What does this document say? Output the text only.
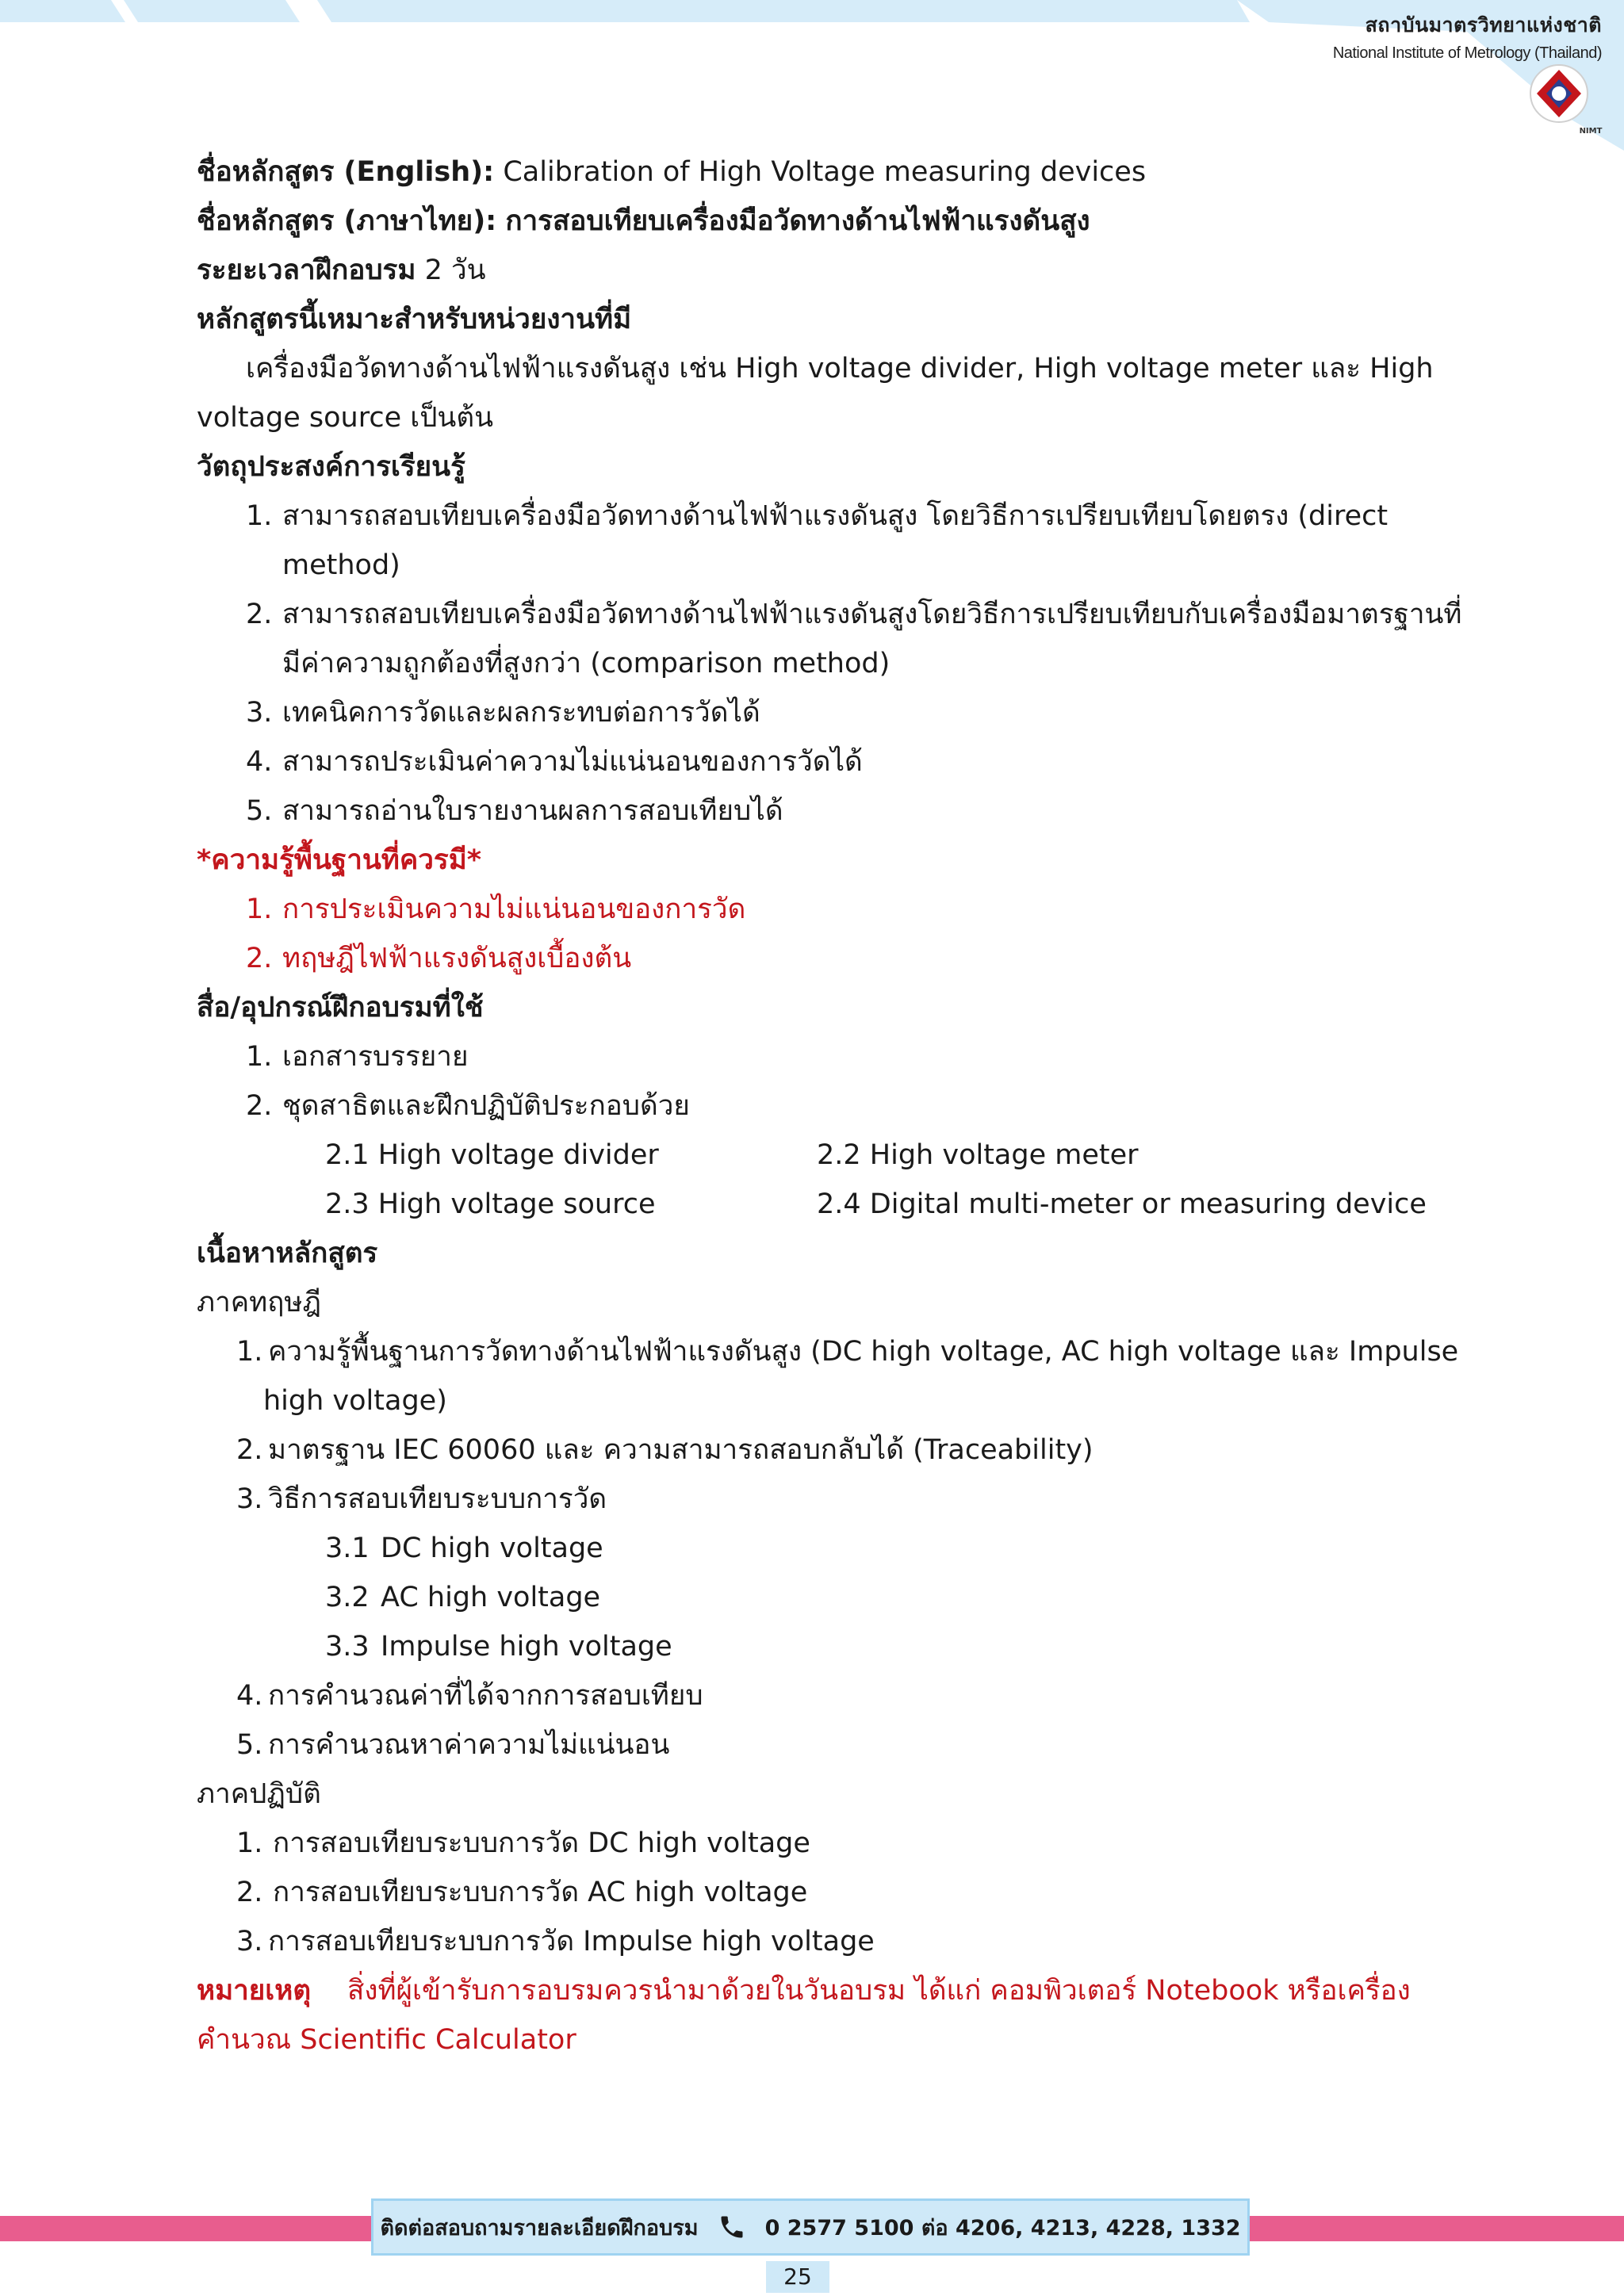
สถาบันมาตรวิทยาแห่งชาติ
National Institute of Metrology (Thailand)
NIMT
ชื่อหลักสูตร (English): Calibration of High Voltage measuring devices
ชื่อหลักสูตร (ภาษาไทย): การสอบเทียบเครื่องมือวัดทางด้านไฟฟ้าแรงดันสูง
ระยะเวลาฝึกอบรม 2 วัน
หลักสูตรนี้เหมาะสำหรับหน่วยงานที่มี
เครื่องมือวัดทางด้านไฟฟ้าแรงดันสูง เช่น High voltage divider, High voltage meter และ High
voltage source เป็นต้น
วัตถุประสงค์การเรียนรู้
1. สามารถสอบเทียบเครื่องมือวัดทางด้านไฟฟ้าแรงดันสูง โดยวิธีการเปรียบเทียบโดยตรง (direct
method)
2. สามารถสอบเทียบเครื่องมือวัดทางด้านไฟฟ้าแรงดันสูงโดยวิธีการเปรียบเทียบกับเครื่องมือมาตรฐานที่
มีค่าความถูกต้องที่สูงกว่า (comparison method)
3. เทคนิคการวัดและผลกระทบต่อการวัดได้
4. สามารถประเมินค่าความไม่แน่นอนของการวัดได้
5. สามารถอ่านใบรายงานผลการสอบเทียบได้
*ความรู้พื้นฐานที่ควรมี*
1. การประเมินความไม่แน่นอนของการวัด
2. ทฤษฎีไฟฟ้าแรงดันสูงเบื้องต้น
สื่อ/อุปกรณ์ฝึกอบรมที่ใช้
1. เอกสารบรรยาย
2. ชุดสาธิตและฝึกปฏิบัติประกอบด้วย
2.1 High voltage divider	2.2 High voltage meter
2.3 High voltage source	2.4 Digital multi-meter or measuring device
เนื้อหาหลักสูตร
ภาคทฤษฎี
1. ความรู้พื้นฐานการวัดทางด้านไฟฟ้าแรงดันสูง (DC high voltage, AC high voltage และ Impulse
high voltage)
2. มาตรฐาน IEC 60060 และ ความสามารถสอบกลับได้ (Traceability)
3. วิธีการสอบเทียบระบบการวัด
3.1 DC high voltage
3.2 AC high voltage
3.3 Impulse high voltage
4. การคำนวณค่าที่ได้จากการสอบเทียบ
5. การคำนวณหาค่าความไม่แน่นอน
ภาคปฏิบัติ
1. การสอบเทียบระบบการวัด DC high voltage
2. การสอบเทียบระบบการวัด AC high voltage
3. การสอบเทียบระบบการวัด Impulse high voltage
หมายเหตุ สิ่งที่ผู้เข้ารับการอบรมควรนำมาด้วยในวันอบรม ได้แก่ คอมพิวเตอร์ Notebook หรือเครื่อง
คำนวณ Scientific Calculator
ติดต่อสอบถามรายละเอียดฝึกอบรม	0 2577 5100 ต่อ 4206, 4213, 4228, 1332
25
